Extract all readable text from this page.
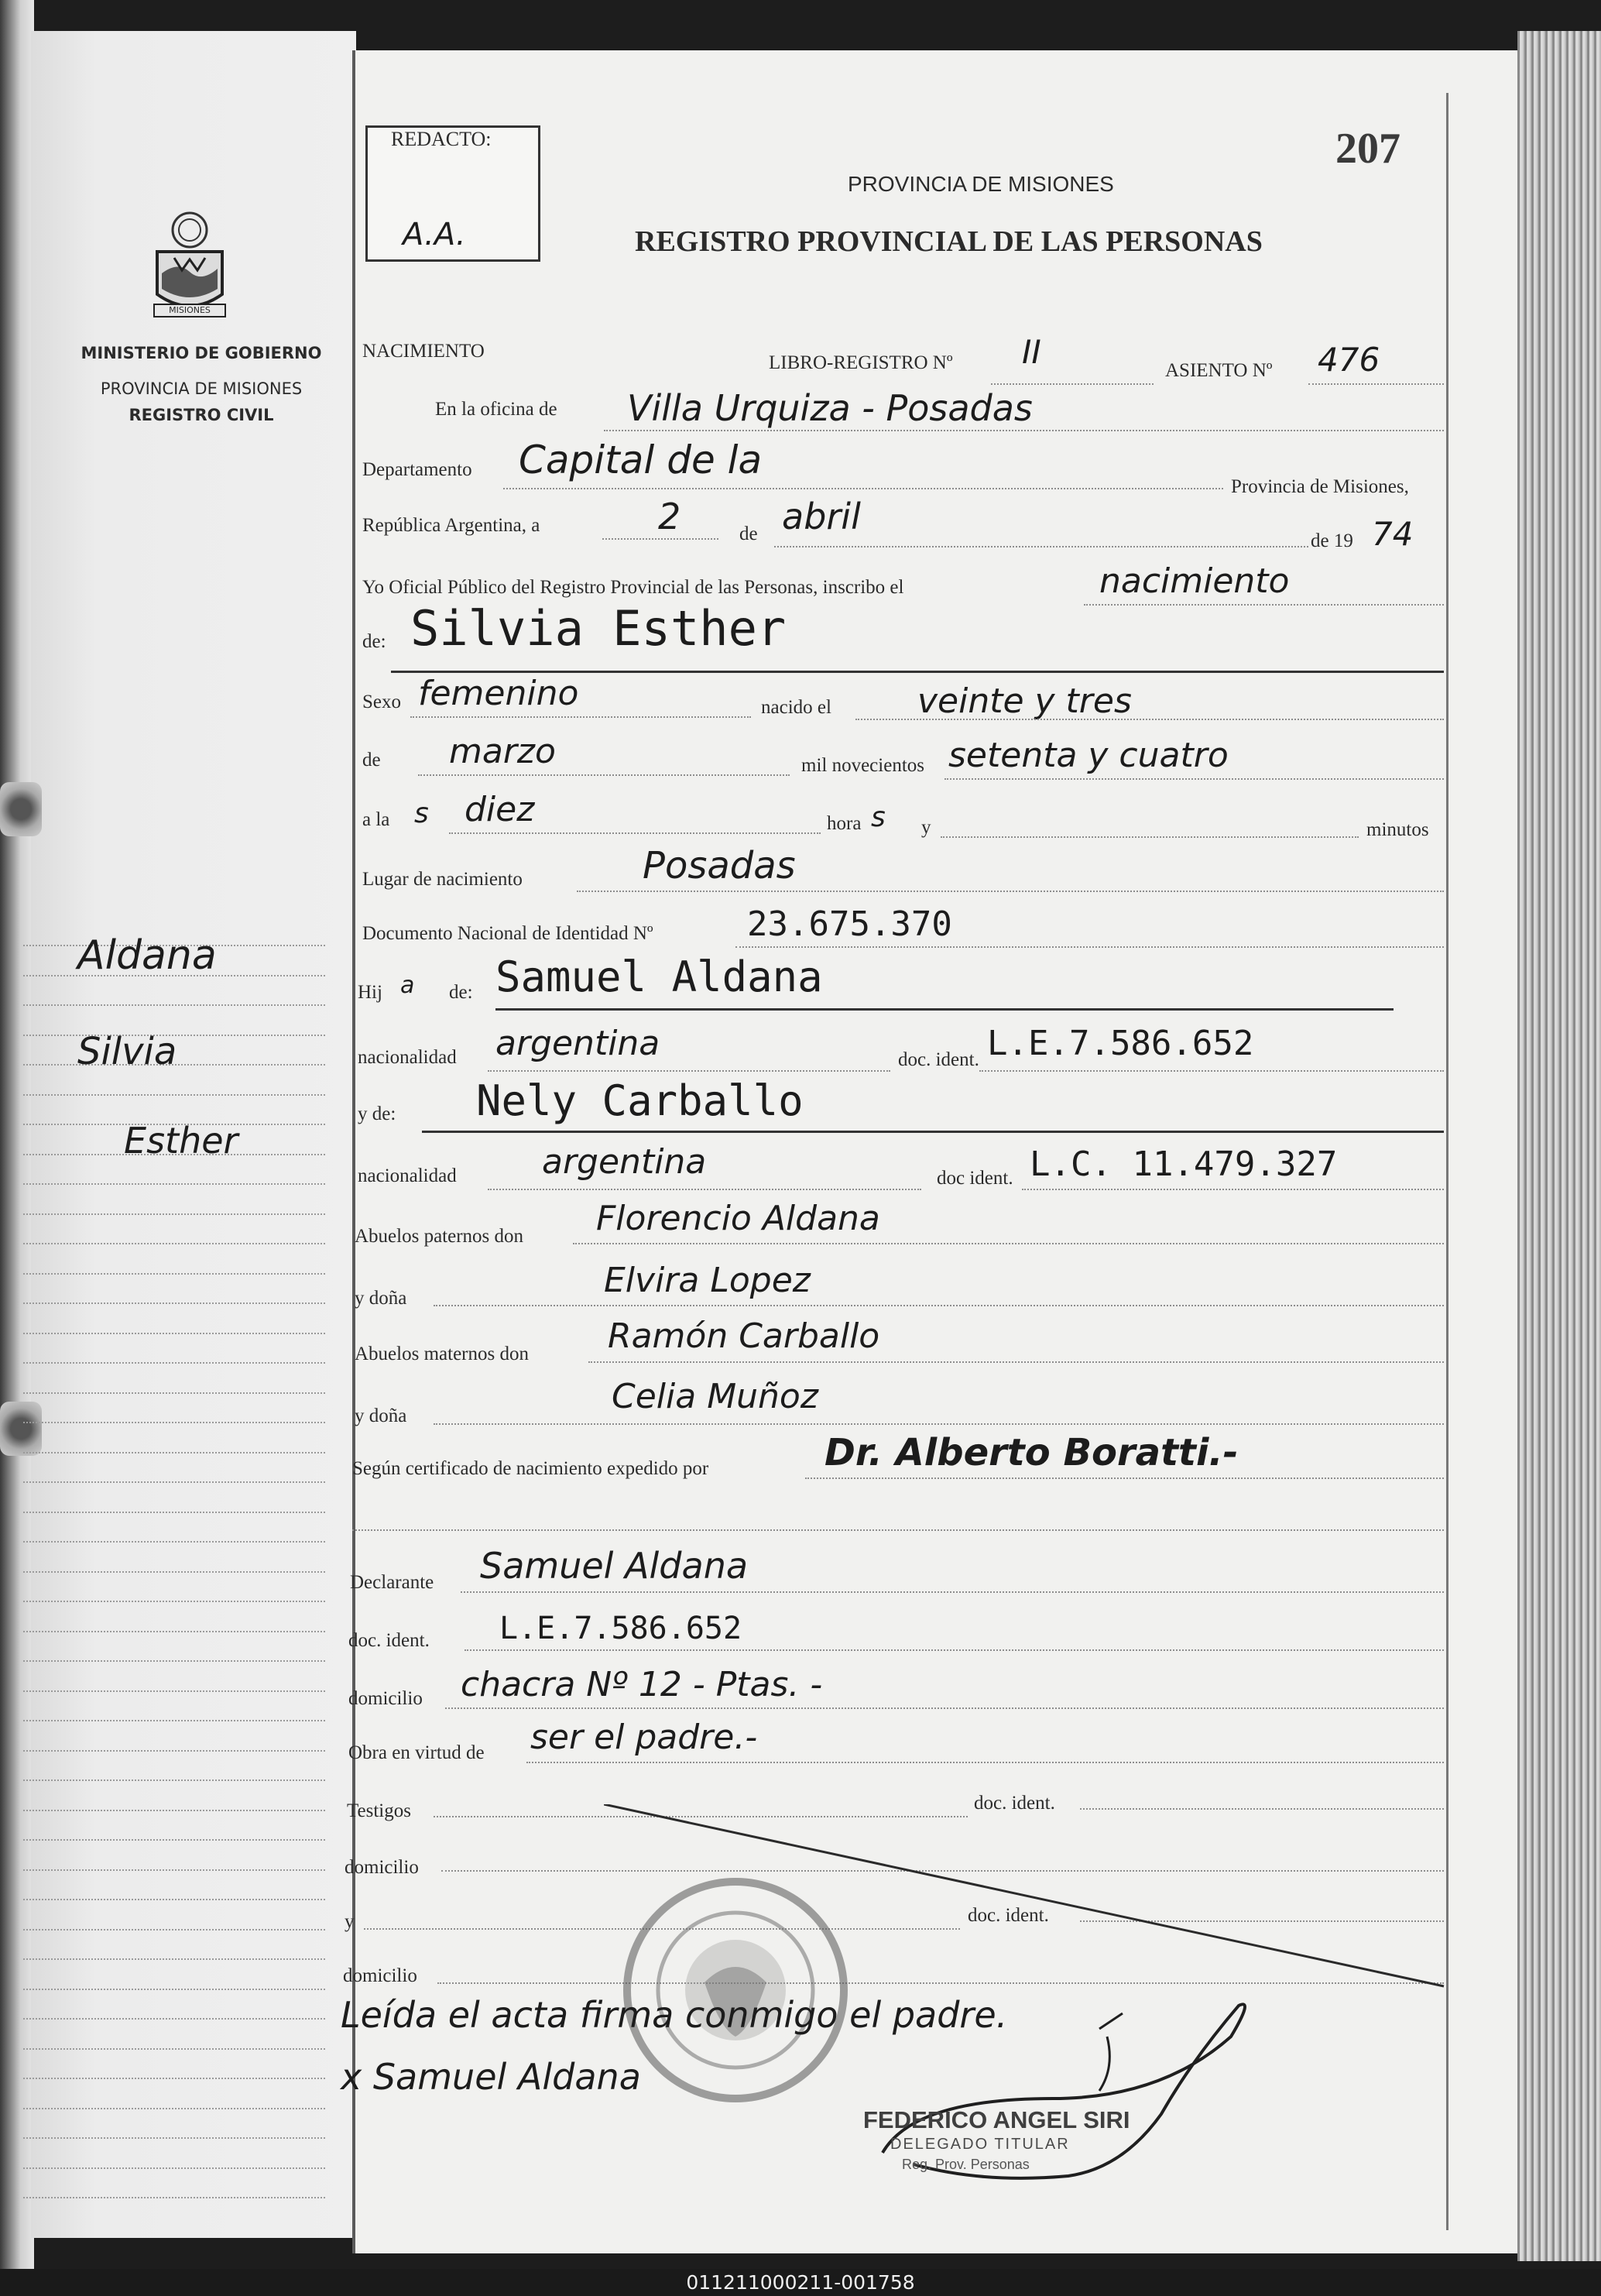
MISIONES
MINISTERIO DE GOBIERNO
PROVINCIA DE MISIONES
REGISTRO CIVIL
Aldana
Silvia
Esther
REDACTO:
A.A.
207
PROVINCIA DE MISIONES
REGISTRO PROVINCIAL DE LAS PERSONAS
NACIMIENTO
LIBRO-REGISTRO Nº II	ASIENTO Nº 476
En la oficina de Villa Urquiza - Posadas
Departamento Capital de la
Provincia de Misiones,
República Argentina, a	2	de abril
de 19 74
Yo Oficial Público del Registro Provincial de las Personas, inscribo el	nacimiento
de: Silvia Esther
Sexo femenino	nacido el	veinte y tres
de marzo	mil novecientos setenta y cuatro
a la s diez	hora s y	minutos
Lugar de nacimiento	Posadas
Documento Nacional de Identidad Nº	23.675.370
Hij a de: Samuel Aldana
nacionalidad argentina	doc. ident. L.E.7.586.652
y de: Nely Carballo
nacionalidad	argentina	doc ident. L.C. 11.479.327
Abuelos paternos don Florencio Aldana
y doña	Elvira Lopez
Abuelos maternos don Ramón Carballo
y doña	Celia Muñoz
Según certificado de nacimiento expedido por	Dr. Alberto Boratti.-
Declarante Samuel Aldana
doc. ident. L.E.7.586.652
domicilio chacra Nº 12 - Ptas. -
Obra en virtud de ser el padre.-
Testigos	doc. ident.
domicilio
y	doc. ident.
domicilio
Leída el acta firma conmigo el padre.
x Samuel Aldana
FEDERICO ANGEL SIRI
DELEGADO TITULAR
Reg. Prov. Personas
011211000211-001758
